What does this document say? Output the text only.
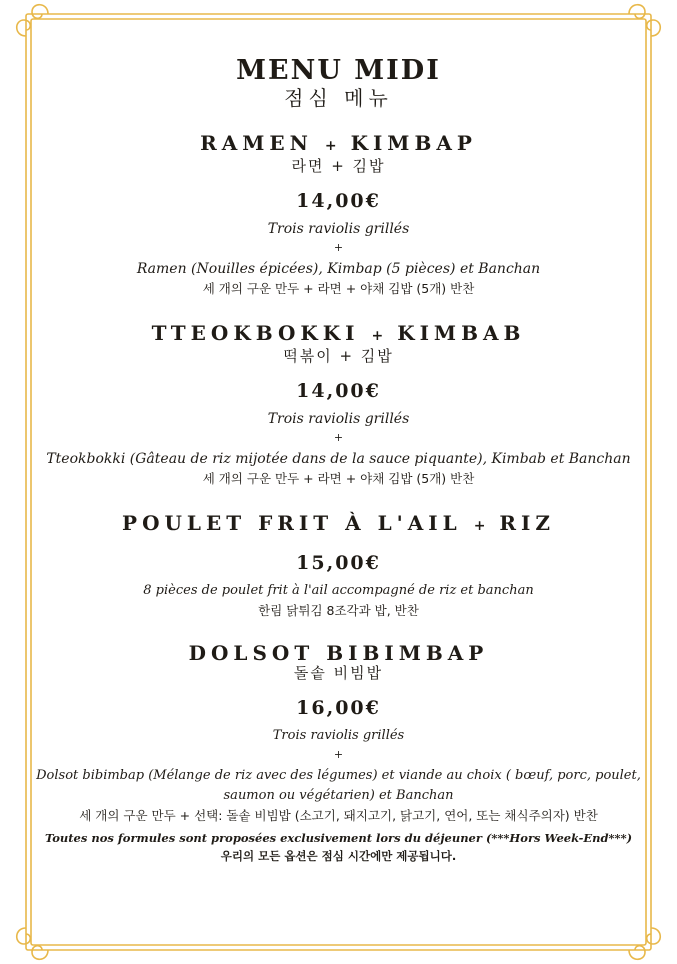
MENU MIDI

점심 메뉴

RAMEN + KIMBAP

라면 + 김밥

14,00€

Trois raviolis grillés

+

Ramen (Nouilles épicées), Kimbap (5 pièces) et Banchan

세 개의 구운 만두 + 라면 + 야채 김밥 (5개) 반찬

TTEOKBOKKI + KIMBAB

떡볶이 + 김밥

14,00€

Trois raviolis grillés

+

Tteokbokki (Gâteau de riz mijotée dans de la sauce piquante), Kimbab et Banchan

세 개의 구운 만두 + 라면 + 야채 김밥 (5개) 반찬

POULET FRIT À L'AIL + RIZ

15,00€

8 pièces de poulet frit à l'ail accompagné de riz et banchan

한림 닭튀김 8조각과 밥, 반찬

DOLSOT BIBIMBAP

돌솥 비빔밥

16,00€

Trois raviolis grillés

+

Dolsot bibimbap (Mélange de riz avec des légumes) et viande au choix ( bœuf, porc, poulet, saumon ou végétarien) et Banchan

세 개의 구운 만두 + 선택: 돌솥 비빔밥 (소고기, 돼지고기, 닭고기, 연어, 또는 채식주의자) 반찬

Toutes nos formules sont proposées exclusivement lors du déjeuner (***Hors Week-End***)

우리의 모든 옵션은 점심 시간에만 제공됩니다.
